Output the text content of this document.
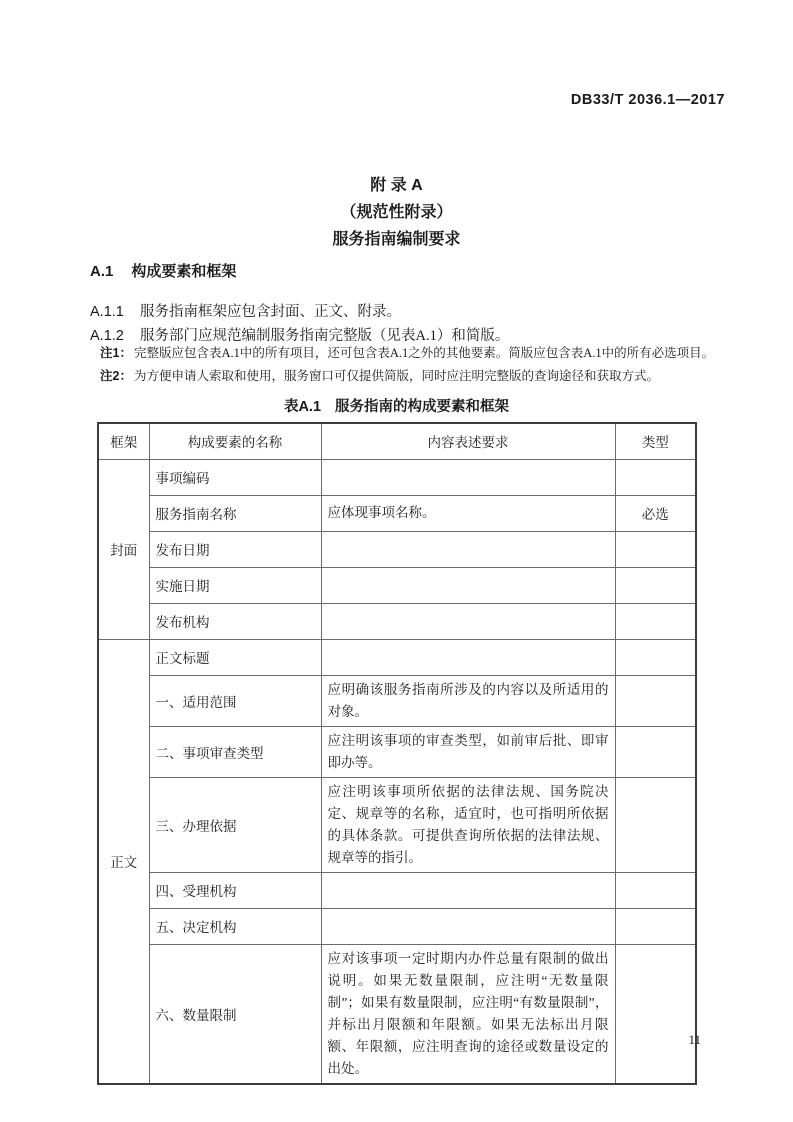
DB33/T 2036.1—2017
附 录 A
（规范性附录）
服务指南编制要求
A.1 构成要素和框架
A.1.1 服务指南框架应包含封面、正文、附录。
A.1.2 服务部门应规范编制服务指南完整版（见表A.1）和简版。
注1： 完整版应包含表A.1中的所有项目，还可包含表A.1之外的其他要素。简版应包含表A.1中的所有必选项目。
注2： 为方便申请人索取和使用，服务窗口可仅提供简版，同时应注明完整版的查询途径和获取方式。
表A.1 服务指南的构成要素和框架
框架	构成要素的名称	内容表述要求	类型
封面	事项编码		
	服务指南名称	应体现事项名称。	必选
	发布日期		
	实施日期		
	发布机构		
正文	正文标题		
	一、适用范围	应明确该服务指南所涉及的内容以及所适用的对象。	
	二、事项审查类型	应注明该事项的审查类型，如前审后批、即审即办等。	
	三、办理依据	应注明该事项所依据的法律法规、国务院决定、规章等的名称，适宜时，也可指明所依据的具体条款。可提供查询所依据的法律法规、规章等的指引。	
	四、受理机构		
	五、决定机构		
	六、数量限制	应对该事项一定时期内办件总量有限制的做出说明。如果无数量限制，应注明“无数量限制”；如果有数量限制，应注明“有数量限制”，并标出月限额和年限额。如果无法标出月限额、年限额，应注明查询的途径或数量设定的出处。	
11
